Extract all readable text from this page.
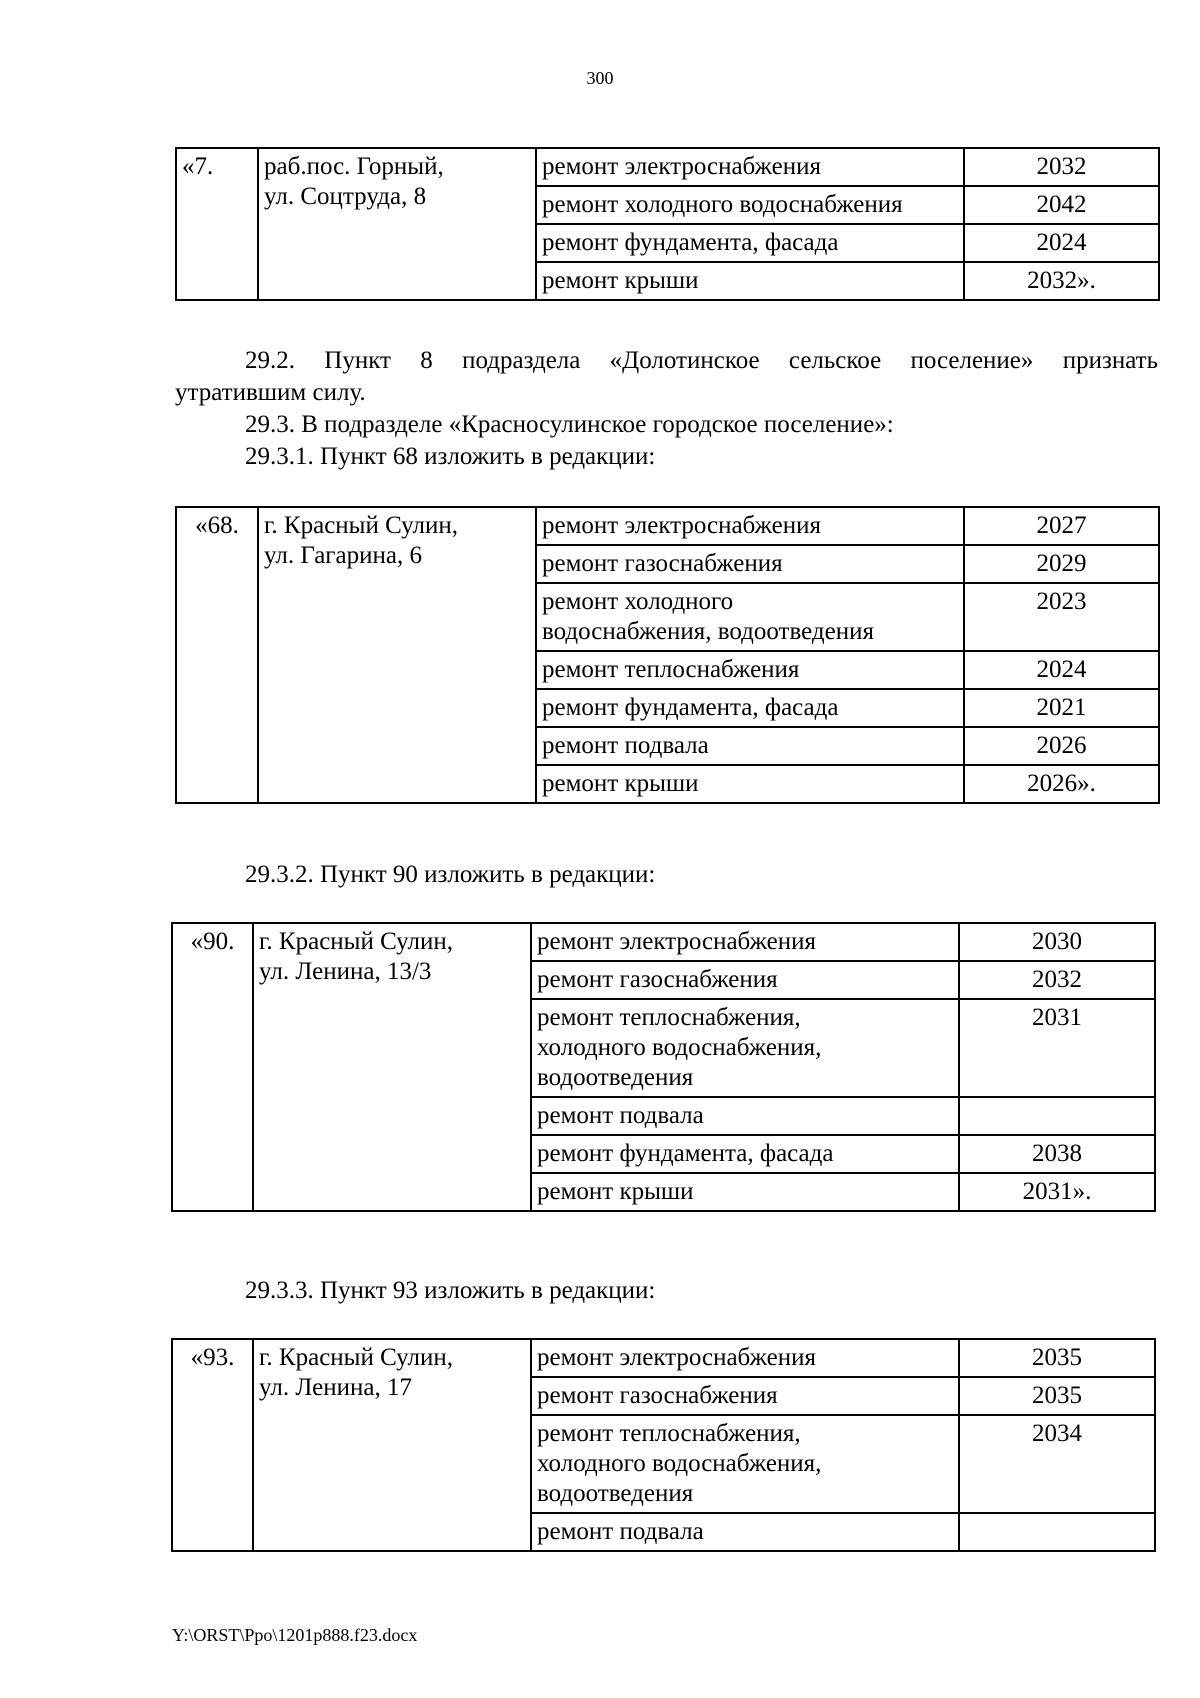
300
«7.	раб.пос. Горный,
ул. Соцтруда, 8	ремонт электроснабжения	2032

		ремонт холодного водоснабжения	2042

		ремонт фундамента, фасада	2024

		ремонт крыши	2032».
29.2. Пункт 8 подраздела «Долотинское сельское поселение» признать
утратившим силу.
29.3. В подразделе «Красносулинское городское поселение»:
29.3.1. Пункт 68 изложить в редакции:
«68.	г. Красный Сулин,
ул. Гагарина, 6	ремонт электроснабжения	2027

		ремонт газоснабжения	2029

		ремонт холодного
водоснабжения, водоотведения	2023

		ремонт теплоснабжения	2024

		ремонт фундамента, фасада	2021

		ремонт подвала	2026

		ремонт крыши	2026».
29.3.2. Пункт 90 изложить в редакции:
«90.	г. Красный Сулин,
ул. Ленина, 13/3	ремонт электроснабжения	2030

		ремонт газоснабжения	2032

		ремонт теплоснабжения,
холодного водоснабжения,
водоотведения	2031

		ремонт подвала	

		ремонт фундамента, фасада	2038

		ремонт крыши	2031».
29.3.3. Пункт 93 изложить в редакции:
«93.	г. Красный Сулин,
ул. Ленина, 17	ремонт электроснабжения	2035

		ремонт газоснабжения	2035

		ремонт теплоснабжения,
холодного водоснабжения,
водоотведения	2034

		ремонт подвала	

Y:\ORST\Ppo\1201p888.f23.docx
